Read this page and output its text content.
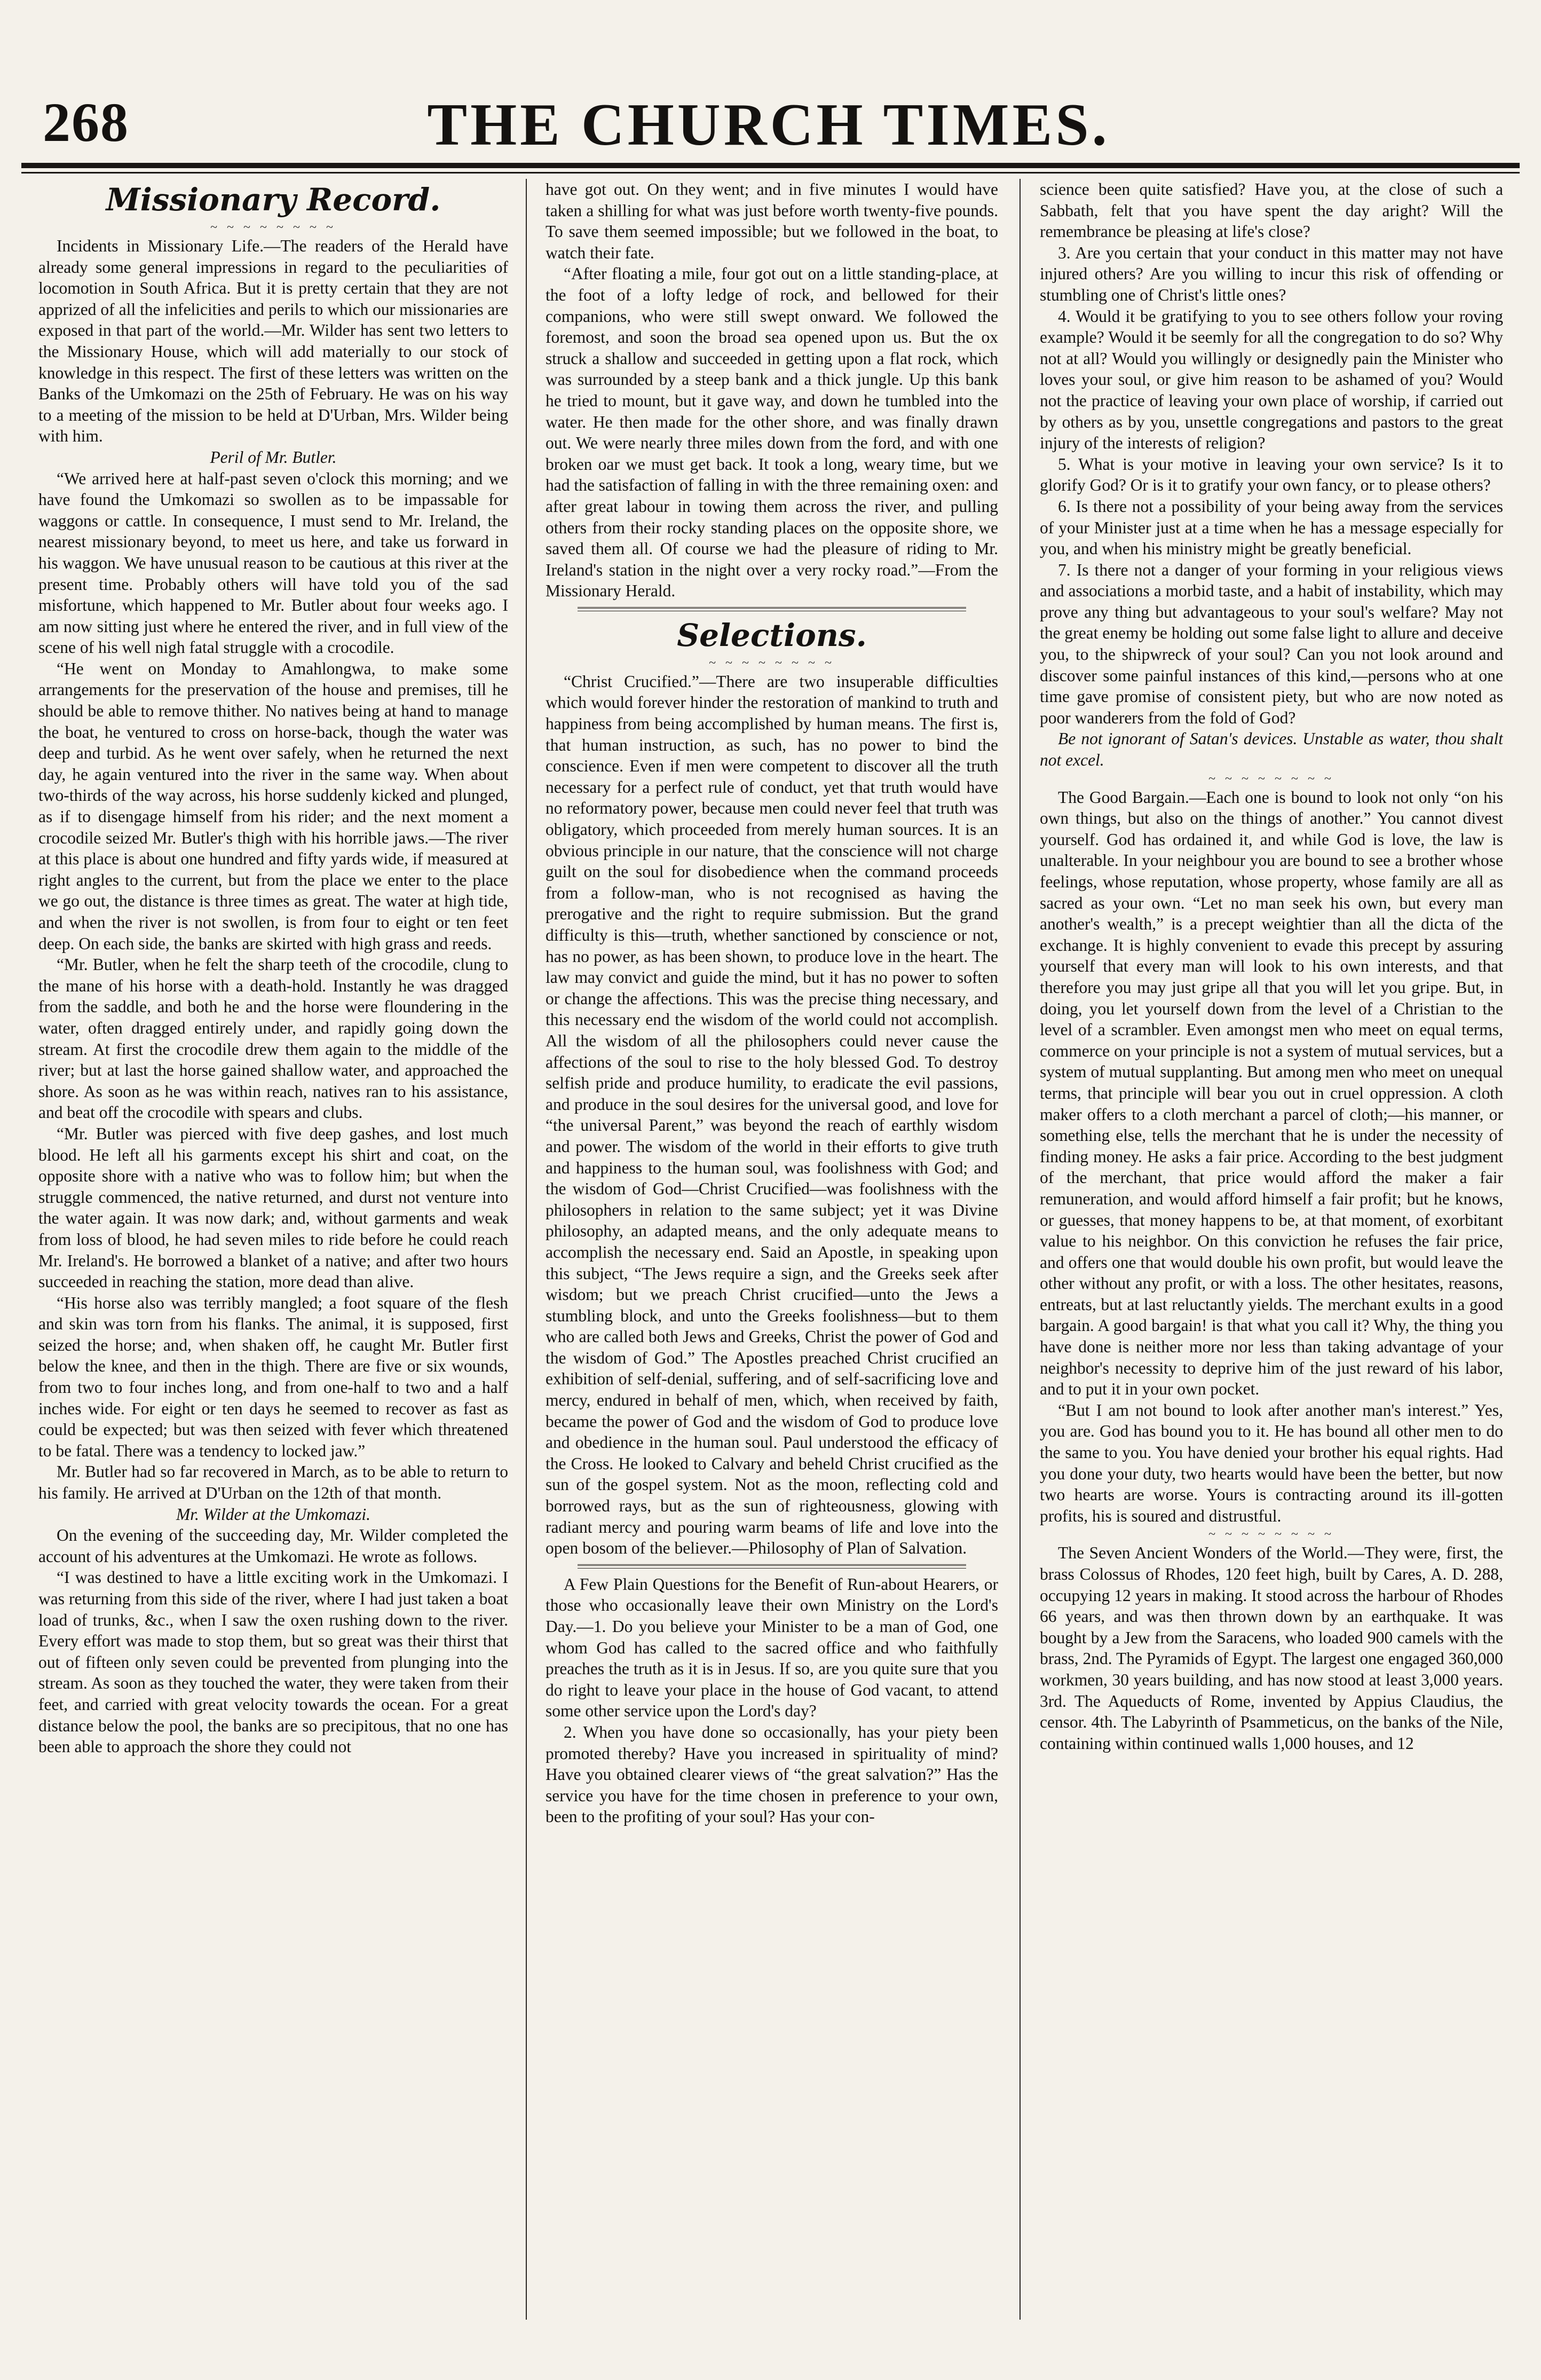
268	THE CHURCH TIMES.
Missionary Record.
~ ~ ~ ~ ~ ~ ~ ~

Incidents in Missionary Life.—The readers of the Herald have already some general impressions in regard to the peculiarities of locomotion in South Africa. But it is pretty certain that they are not apprized of all the infelicities and perils to which our missionaries are exposed in that part of the world.—Mr. Wilder has sent two letters to the Missionary House, which will add materially to our stock of knowledge in this respect. The first of these letters was written on the Banks of the Umkomazi on the 25th of February. He was on his way to a meeting of the mission to be held at D'Urban, Mrs. Wilder being with him.

Peril of Mr. Butler.

“We arrived here at half-past seven o'clock this morning; and we have found the Umkomazi so swollen as to be impassable for waggons or cattle. In consequence, I must send to Mr. Ireland, the nearest missionary beyond, to meet us here, and take us forward in his waggon. We have unusual reason to be cautious at this river at the present time. Probably others will have told you of the sad misfortune, which happened to Mr. Butler about four weeks ago. I am now sitting just where he entered the river, and in full view of the scene of his well nigh fatal struggle with a crocodile.

“He went on Monday to Amahlongwa, to make some arrangements for the preservation of the house and premises, till he should be able to remove thither. No natives being at hand to manage the boat, he ventured to cross on horse-back, though the water was deep and turbid. As he went over safely, when he returned the next day, he again ventured into the river in the same way. When about two-thirds of the way across, his horse suddenly kicked and plunged, as if to disengage himself from his rider; and the next moment a crocodile seized Mr. Butler's thigh with his horrible jaws.—The river at this place is about one hundred and fifty yards wide, if measured at right angles to the current, but from the place we enter to the place we go out, the distance is three times as great. The water at high tide, and when the river is not swollen, is from four to eight or ten feet deep. On each side, the banks are skirted with high grass and reeds.

“Mr. Butler, when he felt the sharp teeth of the crocodile, clung to the mane of his horse with a death-hold. Instantly he was dragged from the saddle, and both he and the horse were floundering in the water, often dragged entirely under, and rapidly going down the stream. At first the crocodile drew them again to the middle of the river; but at last the horse gained shallow water, and approached the shore. As soon as he was within reach, natives ran to his assistance, and beat off the crocodile with spears and clubs.

“Mr. Butler was pierced with five deep gashes, and lost much blood. He left all his garments except his shirt and coat, on the opposite shore with a native who was to follow him; but when the struggle commenced, the native returned, and durst not venture into the water again. It was now dark; and, without garments and weak from loss of blood, he had seven miles to ride before he could reach Mr. Ireland's. He borrowed a blanket of a native; and after two hours succeeded in reaching the station, more dead than alive.

“His horse also was terribly mangled; a foot square of the flesh and skin was torn from his flanks. The animal, it is supposed, first seized the horse; and, when shaken off, he caught Mr. Butler first below the knee, and then in the thigh. There are five or six wounds, from two to four inches long, and from one-half to two and a half inches wide. For eight or ten days he seemed to recover as fast as could be expected; but was then seized with fever which threatened to be fatal. There was a tendency to locked jaw.”

Mr. Butler had so far recovered in March, as to be able to return to his family. He arrived at D'Urban on the 12th of that month.

Mr. Wilder at the Umkomazi.

On the evening of the succeeding day, Mr. Wilder completed the account of his adventures at the Umkomazi. He wrote as follows.

“I was destined to have a little exciting work in the Umkomazi. I was returning from this side of the river, where I had just taken a boat load of trunks, &c., when I saw the oxen rushing down to the river. Every effort was made to stop them, but so great was their thirst that out of fifteen only seven could be prevented from plunging into the stream. As soon as they touched the water, they were taken from their feet, and carried with great velocity towards the ocean. For a great distance below the pool, the banks are so precipitous, that no one has been able to approach the shore they could not

have got out. On they went; and in five minutes I would have taken a shilling for what was just before worth twenty-five pounds. To save them seemed impossible; but we followed in the boat, to watch their fate.

“After floating a mile, four got out on a little standing-place, at the foot of a lofty ledge of rock, and bellowed for their companions, who were still swept onward. We followed the foremost, and soon the broad sea opened upon us. But the ox struck a shallow and succeeded in getting upon a flat rock, which was surrounded by a steep bank and a thick jungle. Up this bank he tried to mount, but it gave way, and down he tumbled into the water. He then made for the other shore, and was finally drawn out. We were nearly three miles down from the ford, and with one broken oar we must get back. It took a long, weary time, but we had the satisfaction of falling in with the three remaining oxen: and after great labour in towing them across the river, and pulling others from their rocky standing places on the opposite shore, we saved them all. Of course we had the pleasure of riding to Mr. Ireland's station in the night over a very rocky road.”—From the Missionary Herald.

Selections.
~ ~ ~ ~ ~ ~ ~ ~

“Christ Crucified.”—There are two insuperable difficulties which would forever hinder the restoration of mankind to truth and happiness from being accomplished by human means. The first is, that human instruction, as such, has no power to bind the conscience. Even if men were competent to discover all the truth necessary for a perfect rule of conduct, yet that truth would have no reformatory power, because men could never feel that truth was obligatory, which proceeded from merely human sources. It is an obvious principle in our nature, that the conscience will not charge guilt on the soul for disobedience when the command proceeds from a follow-man, who is not recognised as having the prerogative and the right to require submission. But the grand difficulty is this—truth, whether sanctioned by conscience or not, has no power, as has been shown, to produce love in the heart. The law may convict and guide the mind, but it has no power to soften or change the affections. This was the precise thing necessary, and this necessary end the wisdom of the world could not accomplish. All the wisdom of all the philosophers could never cause the affections of the soul to rise to the holy blessed God. To destroy selfish pride and produce humility, to eradicate the evil passions, and produce in the soul desires for the universal good, and love for “the universal Parent,” was beyond the reach of earthly wisdom and power. The wisdom of the world in their efforts to give truth and happiness to the human soul, was foolishness with God; and the wisdom of God—Christ Crucified—was foolishness with the philosophers in relation to the same subject; yet it was Divine philosophy, an adapted means, and the only adequate means to accomplish the necessary end. Said an Apostle, in speaking upon this subject, “The Jews require a sign, and the Greeks seek after wisdom; but we preach Christ crucified—unto the Jews a stumbling block, and unto the Greeks foolishness—but to them who are called both Jews and Greeks, Christ the power of God and the wisdom of God.” The Apostles preached Christ crucified an exhibition of self-denial, suffering, and of self-sacrificing love and mercy, endured in behalf of men, which, when received by faith, became the power of God and the wisdom of God to produce love and obedience in the human soul. Paul understood the efficacy of the Cross. He looked to Calvary and beheld Christ crucified as the sun of the gospel system. Not as the moon, reflecting cold and borrowed rays, but as the sun of righteousness, glowing with radiant mercy and pouring warm beams of life and love into the open bosom of the believer.—Philosophy of Plan of Salvation.

A Few Plain Questions for the Benefit of Run-about Hearers, or those who occasionally leave their own Ministry on the Lord's Day.—1. Do you believe your Minister to be a man of God, one whom God has called to the sacred office and who faithfully preaches the truth as it is in Jesus. If so, are you quite sure that you do right to leave your place in the house of God vacant, to attend some other service upon the Lord's day?

2. When you have done so occasionally, has your piety been promoted thereby? Have you increased in spirituality of mind? Have you obtained clearer views of “the great salvation?” Has the service you have for the time chosen in preference to your own, been to the profiting of your soul? Has your con-

science been quite satisfied? Have you, at the close of such a Sabbath, felt that you have spent the day aright? Will the remembrance be pleasing at life's close?

3. Are you certain that your conduct in this matter may not have injured others? Are you willing to incur this risk of offending or stumbling one of Christ's little ones?

4. Would it be gratifying to you to see others follow your roving example? Would it be seemly for all the congregation to do so? Why not at all? Would you willingly or designedly pain the Minister who loves your soul, or give him reason to be ashamed of you? Would not the practice of leaving your own place of worship, if carried out by others as by you, unsettle congregations and pastors to the great injury of the interests of religion?

5. What is your motive in leaving your own service? Is it to glorify God? Or is it to gratify your own fancy, or to please others?

6. Is there not a possibility of your being away from the services of your Minister just at a time when he has a message especially for you, and when his ministry might be greatly beneficial.

7. Is there not a danger of your forming in your religious views and associations a morbid taste, and a habit of instability, which may prove any thing but advantageous to your soul's welfare? May not the great enemy be holding out some false light to allure and deceive you, to the shipwreck of your soul? Can you not look around and discover some painful instances of this kind,—persons who at one time gave promise of consistent piety, but who are now noted as poor wanderers from the fold of God?

Be not ignorant of Satan's devices. Unstable as water, thou shalt not excel.

~ ~ ~ ~ ~ ~ ~ ~

The Good Bargain.—Each one is bound to look not only “on his own things, but also on the things of another.” You cannot divest yourself. God has ordained it, and while God is love, the law is unalterable. In your neighbour you are bound to see a brother whose feelings, whose reputation, whose property, whose family are all as sacred as your own. “Let no man seek his own, but every man another's wealth,” is a precept weightier than all the dicta of the exchange. It is highly convenient to evade this precept by assuring yourself that every man will look to his own interests, and that therefore you may just gripe all that you will let you gripe. But, in doing, you let yourself down from the level of a Christian to the level of a scrambler. Even amongst men who meet on equal terms, commerce on your principle is not a system of mutual services, but a system of mutual supplanting. But among men who meet on unequal terms, that principle will bear you out in cruel oppression. A cloth maker offers to a cloth merchant a parcel of cloth;—his manner, or something else, tells the merchant that he is under the necessity of finding money. He asks a fair price. According to the best judgment of the merchant, that price would afford the maker a fair remuneration, and would afford himself a fair profit; but he knows, or guesses, that money happens to be, at that moment, of exorbitant value to his neighbor. On this conviction he refuses the fair price, and offers one that would double his own profit, but would leave the other without any profit, or with a loss. The other hesitates, reasons, entreats, but at last reluctantly yields. The merchant exults in a good bargain. A good bargain! is that what you call it? Why, the thing you have done is neither more nor less than taking advantage of your neighbor's necessity to deprive him of the just reward of his labor, and to put it in your own pocket.

“But I am not bound to look after another man's interest.” Yes, you are. God has bound you to it. He has bound all other men to do the same to you. You have denied your brother his equal rights. Had you done your duty, two hearts would have been the better, but now two hearts are worse. Yours is contracting around its ill-gotten profits, his is soured and distrustful.

~ ~ ~ ~ ~ ~ ~ ~

The Seven Ancient Wonders of the World.—They were, first, the brass Colossus of Rhodes, 120 feet high, built by Cares, A. D. 288, occupying 12 years in making. It stood across the harbour of Rhodes 66 years, and was then thrown down by an earthquake. It was bought by a Jew from the Saracens, who loaded 900 camels with the brass, 2nd. The Pyramids of Egypt. The largest one engaged 360,000 workmen, 30 years building, and has now stood at least 3,000 years. 3rd. The Aqueducts of Rome, invented by Appius Claudius, the censor. 4th. The Labyrinth of Psammeticus, on the banks of the Nile, containing within continued walls 1,000 houses, and 12
